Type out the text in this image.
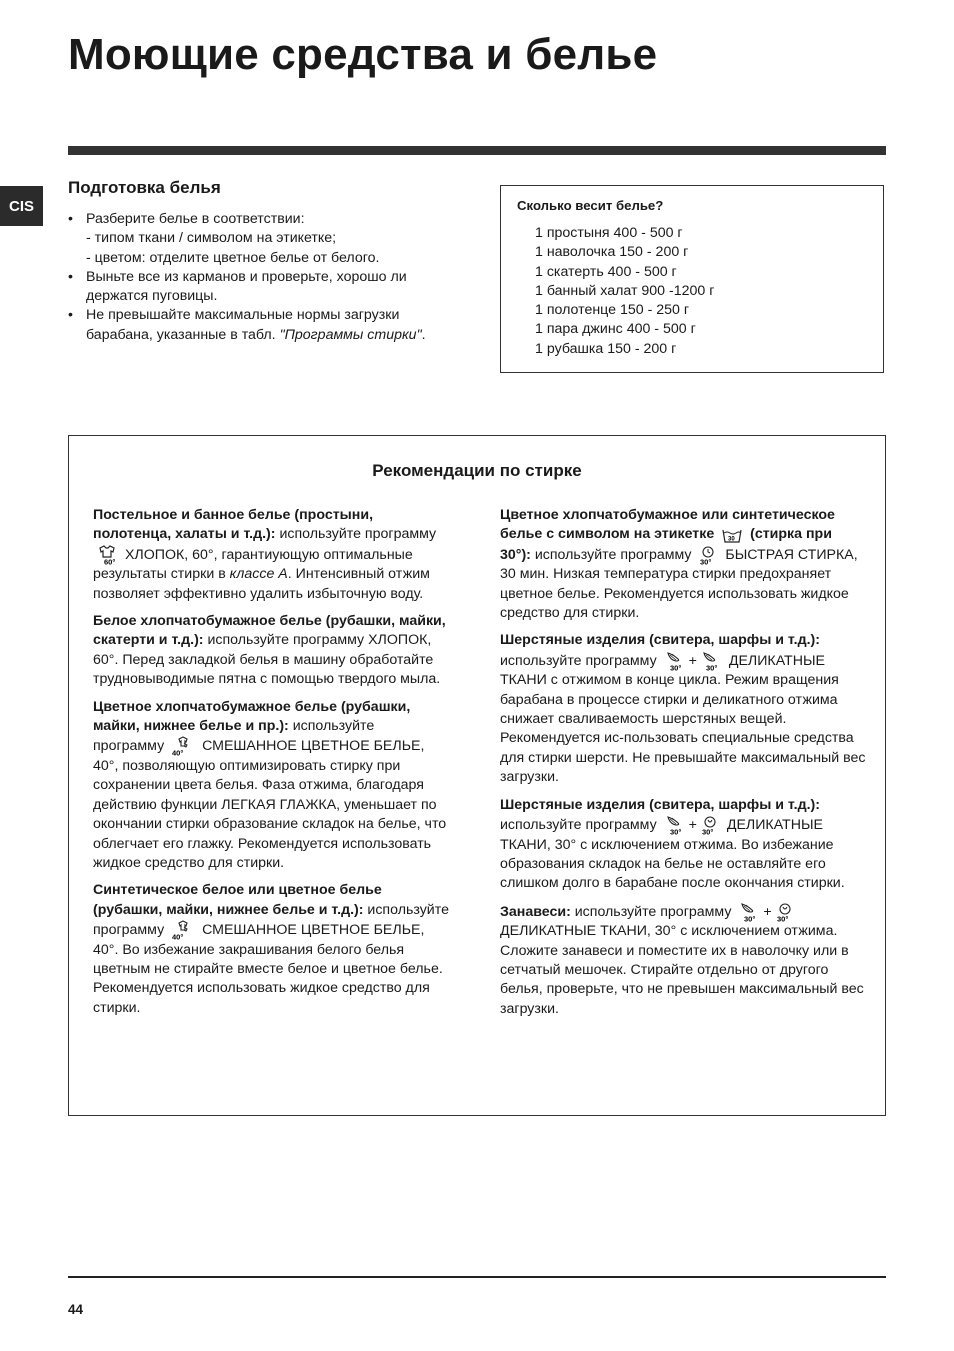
Моющие средства и белье
CIS
Подготовка белья
• Разберите белье в соответствии:
- типом ткани / символом на этикетке;
- цветом: отделите цветное белье от белого.
• Выньте все из карманов и проверьте, хорошо ли держатся пуговицы.
• Не превышайте максимальные нормы загрузки барабана, указанные в табл. "Программы стирки".
Сколько весит белье?
1 простыня 400 - 500 г
1 наволочка 150 - 200 г
1 скатерть 400 - 500 г
1 банный халат 900 -1200 г
1 полотенце 150 - 250 г
1 пара джинс 400 - 500 г
1 рубашка 150 - 200 г
Рекомендации по стирке

Постельное и банное белье (простыни, полотенца, халаты и т.д.): используйте программу
60° ХЛОПОК, 60°, гарантиующую оптимальные результаты стирки в классе А. Интенсивный отжим позволяет эффективно удалить избыточную воду.

Белое хлопчатобумажное белье (рубашки, майки, скатерти и т.д.): используйте программу ХЛОПОК, 60°. Перед закладкой белья в машину обработайте трудновыводимые пятна с помощью твердого мыла.

Цветное хлопчатобумажное белье (рубашки, майки, нижнее белье и пр.): используйте программу 40° СМЕШАННОЕ ЦВЕТНОЕ БЕЛЬЕ, 40°, позволяющую оптимизировать стирку при сохранении цвета белья. Фаза отжима, благодаря действию функции ЛЕГКАЯ ГЛАЖКА, уменьшает по окончании стирки образование складок на белье, что облегчает его глажку. Рекомендуется использовать жидкое средство для стирки.

Синтетическое белое или цветное белье (рубашки, майки, нижнее белье и т.д.): используйте программу 40° СМЕШАННОЕ ЦВЕТНОЕ БЕЛЬЕ, 40°. Во избежание закрашивания белого белья цветным не стирайте вместе белое и цветное белье. Рекомендуется использовать жидкое средство для стирки.

Цветное хлопчатобумажное или синтетическое белье с символом на этикетке 30 (стирка при 30°): используйте программу 30° БЫСТРАЯ СТИРКА, 30 мин. Низкая температура стирки предохраняет цветное белье. Рекомендуется использовать жидкое средство для стирки.

Шерстяные изделия (свитера, шарфы и т.д.): используйте программу 30° + 30° ДЕЛИКАТНЫЕ ТКАНИ с отжимом в конце цикла. Режим вращения барабана в процессе стирки и деликатного отжима снижает сваливаемость шерстяных вещей. Рекомендуется ис-пользовать специальные средства для стирки шерсти. Не превышайте максимальный вес загрузки.

Шерстяные изделия (свитера, шарфы и т.д.): используйте программу 30° + 30° ДЕЛИКАТНЫЕ ТКАНИ, 30° с исключением отжима. Во избежание образования складок на белье не оставляйте его слишком долго в барабане после окончания стирки.

Занавеси: используйте программу 30° + 30°
ДЕЛИКАТНЫЕ ТКАНИ, 30° с исключением отжима. Сложите занавеси и поместите их в наволочку или в сетчатый мешочек. Стирайте отдельно от другого белья, проверьте, что не превышен максимальный вес загрузки.

44
